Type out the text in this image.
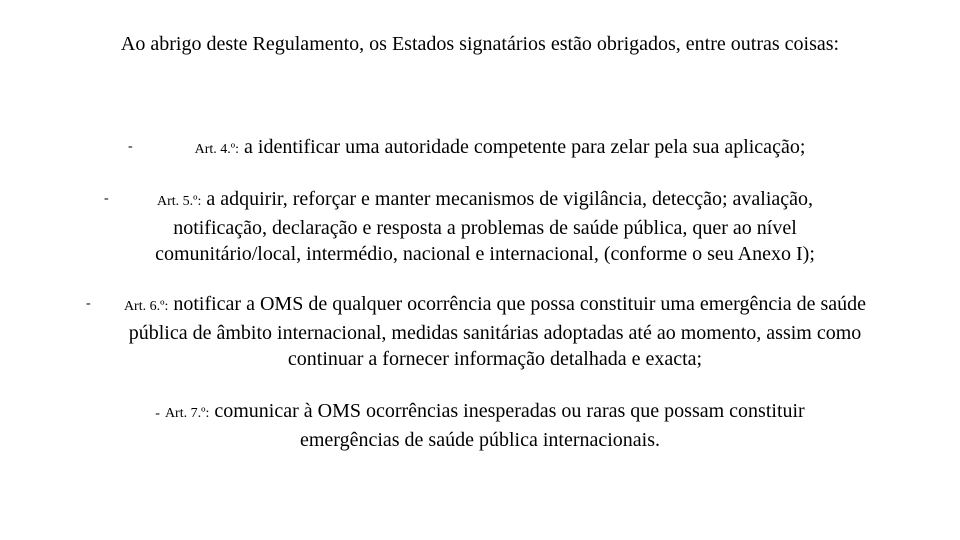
Ao abrigo deste Regulamento, os Estados signatários estão obrigados, entre outras coisas:
-	Art. 4.º: a identificar uma autoridade competente para zelar pela sua aplicação;
-	Art. 5.º: a adquirir, reforçar e manter mecanismos de vigilância, detecção; avaliação, notificação, declaração e resposta a problemas de saúde pública, quer ao nível comunitário/local, intermédio, nacional e internacional, (conforme o seu Anexo I);
-	Art. 6.º: notificar a OMS de qualquer ocorrência que possa constituir uma emergência de saúde pública de âmbito internacional, medidas sanitárias adoptadas até ao momento, assim como continuar a fornecer informação detalhada e exacta;
- Art. 7.º: comunicar à OMS ocorrências inesperadas ou raras que possam constituir emergências de saúde pública internacionais.
